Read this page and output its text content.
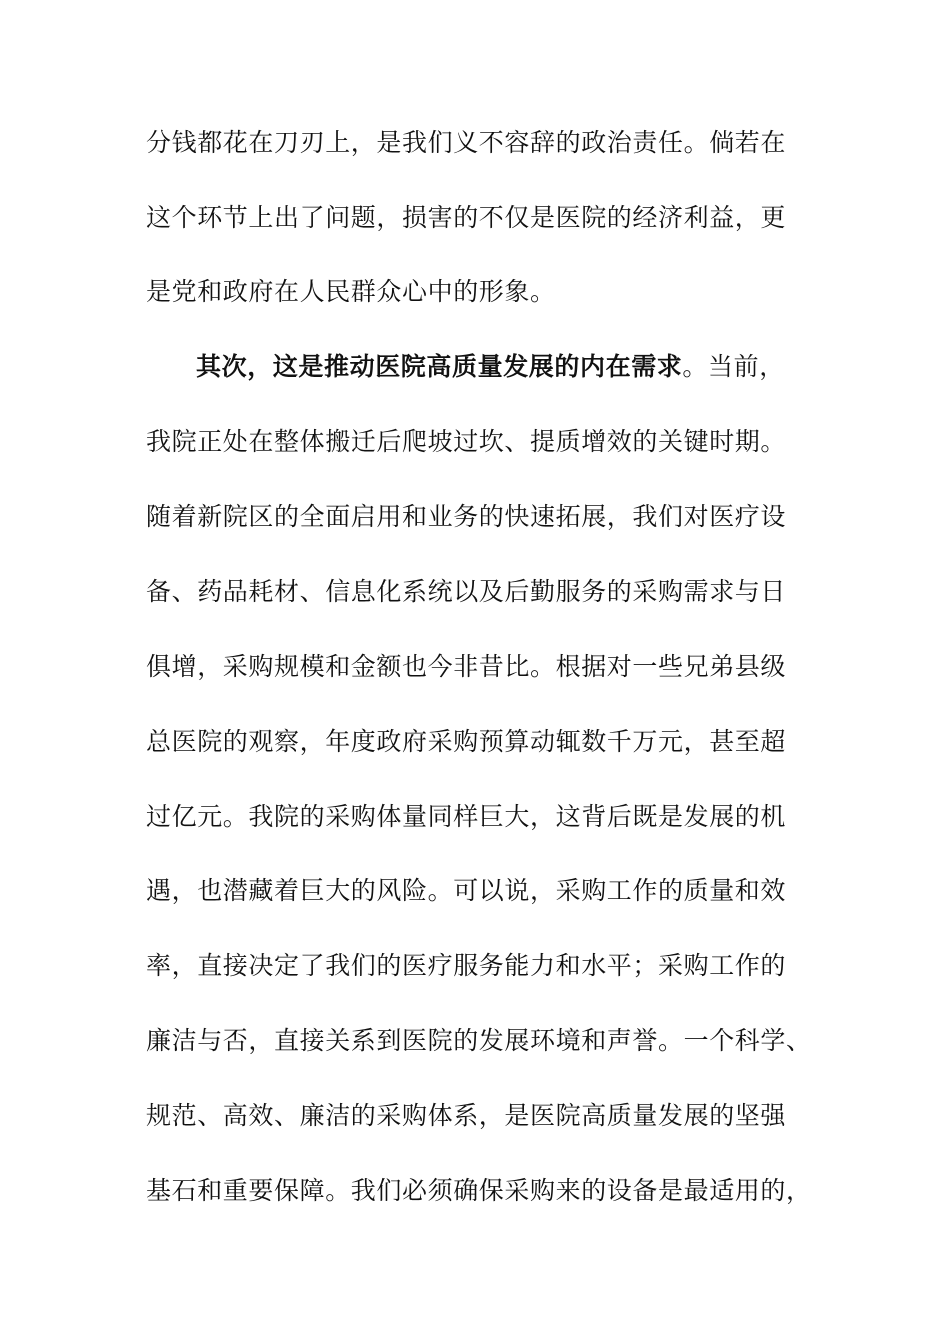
分钱都花在刀刃上，是我们义不容辞的政治责任。倘若在
这个环节上出了问题，损害的不仅是医院的经济利益，更
是党和政府在人民群众心中的形象。
其次，这是推动医院高质量发展的内在需求。当前，
我院正处在整体搬迁后爬坡过坎、提质增效的关键时期。
随着新院区的全面启用和业务的快速拓展，我们对医疗设
备、药品耗材、信息化系统以及后勤服务的采购需求与日
俱增，采购规模和金额也今非昔比。根据对一些兄弟县级
总医院的观察，年度政府采购预算动辄数千万元，甚至超
过亿元。我院的采购体量同样巨大，这背后既是发展的机
遇，也潜藏着巨大的风险。可以说，采购工作的质量和效
率，直接决定了我们的医疗服务能力和水平；采购工作的
廉洁与否，直接关系到医院的发展环境和声誉。一个科学、
规范、高效、廉洁的采购体系，是医院高质量发展的坚强
基石和重要保障。我们必须确保采购来的设备是最适用的，
